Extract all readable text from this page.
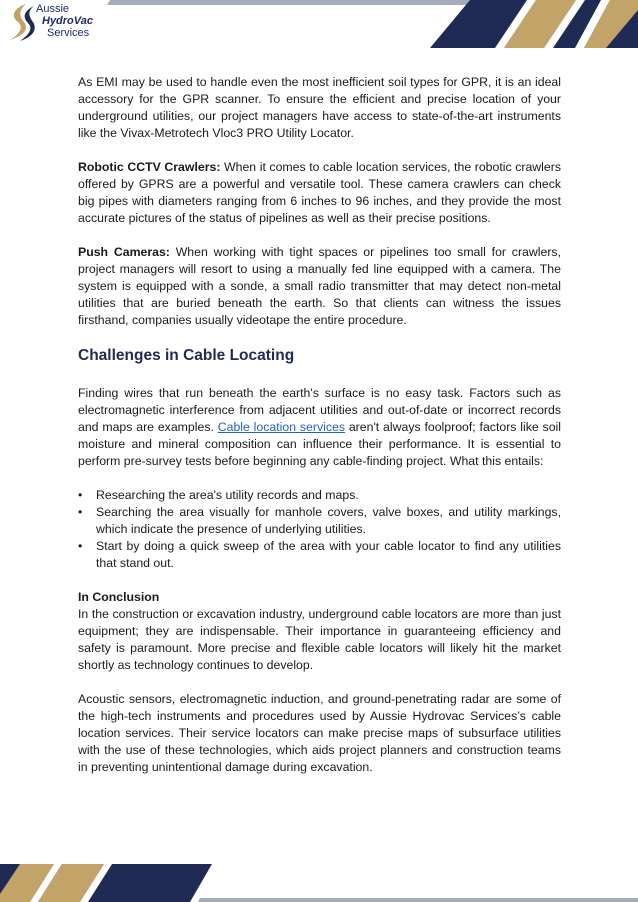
Aussie
HydroVac
Services

As EMI may be used to handle even the most inefficient soil types for GPR, it is an ideal accessory for the GPR scanner. To ensure the efficient and precise location of your underground utilities, our project managers have access to state-of-the-art instruments like the Vivax-Metrotech Vloc3 PRO Utility Locator.

Robotic CCTV Crawlers: When it comes to cable location services, the robotic crawlers offered by GPRS are a powerful and versatile tool. These camera crawlers can check big pipes with diameters ranging from 6 inches to 96 inches, and they provide the most accurate pictures of the status of pipelines as well as their precise positions.

Push Cameras: When working with tight spaces or pipelines too small for crawlers, project managers will resort to using a manually fed line equipped with a camera. The system is equipped with a sonde, a small radio transmitter that may detect non-metal utilities that are buried beneath the earth. So that clients can witness the issues firsthand, companies usually videotape the entire procedure.

Challenges in Cable Locating

Finding wires that run beneath the earth's surface is no easy task. Factors such as electromagnetic interference from adjacent utilities and out-of-date or incorrect records and maps are examples. Cable location services aren't always foolproof; factors like soil moisture and mineral composition can influence their performance. It is essential to perform pre-survey tests before beginning any cable-finding project. What this entails:

• Researching the area's utility records and maps.
• Searching the area visually for manhole covers, valve boxes, and utility markings, which indicate the presence of underlying utilities.
• Start by doing a quick sweep of the area with your cable locator to find any utilities that stand out.
In Conclusion

In the construction or excavation industry, underground cable locators are more than just equipment; they are indispensable. Their importance in guaranteeing efficiency and safety is paramount. More precise and flexible cable locators will likely hit the market shortly as technology continues to develop.

Acoustic sensors, electromagnetic induction, and ground-penetrating radar are some of the high-tech instruments and procedures used by Aussie Hydrovac Services’s cable location services. Their service locators can make precise maps of subsurface utilities with the use of these technologies, which aids project planners and construction teams in preventing unintentional damage during excavation.
